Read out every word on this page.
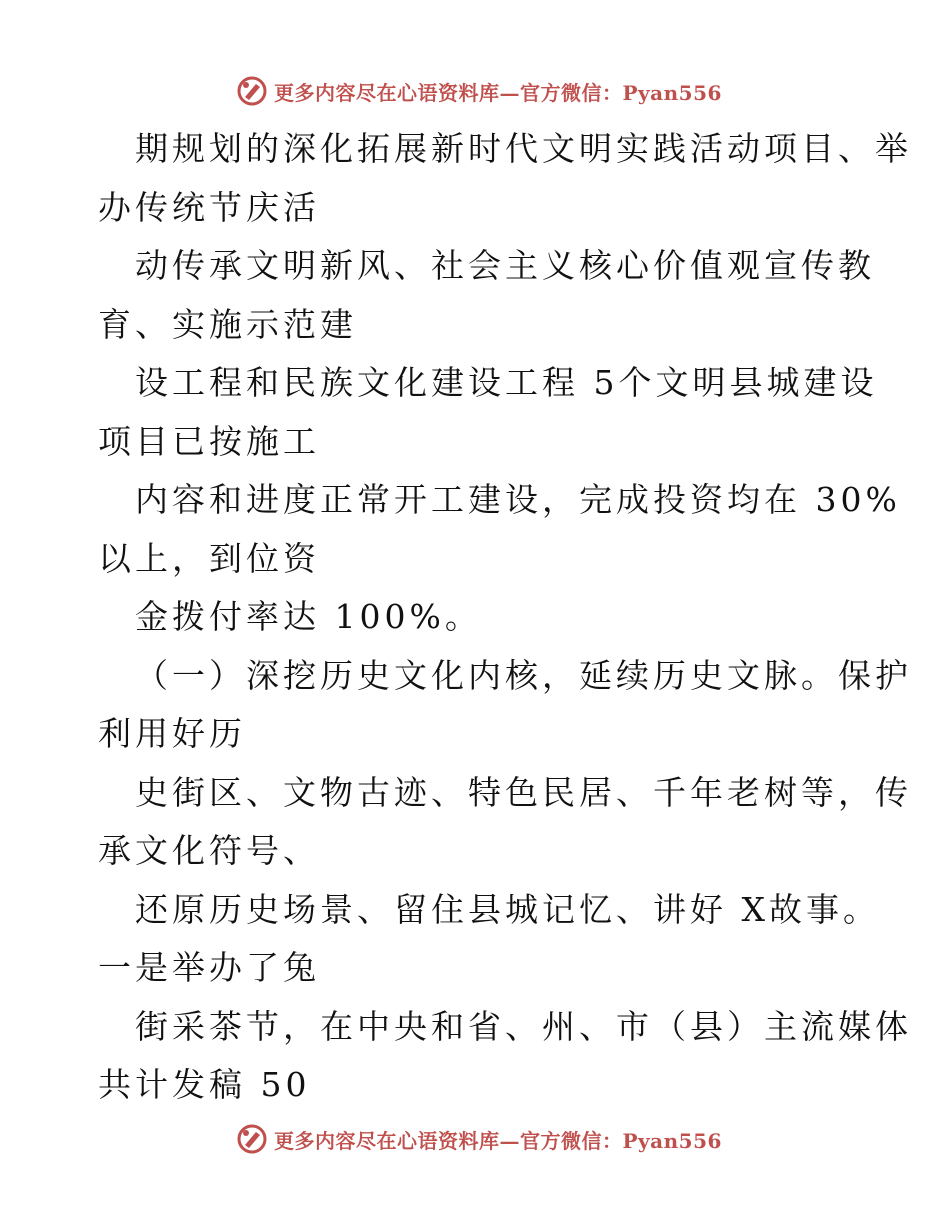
更多内容尽在心语资料库—官方微信：Pyan556
期规划的深化拓展新时代文明实践活动项目、举
办传统节庆活
动传承文明新风、社会主义核心价值观宣传教
育、实施示范建
设工程和民族文化建设工程 5个文明县城建设
项目已按施工
内容和进度正常开工建设，完成投资均在 30%
以上，到位资
金拨付率达 100%。
（一）深挖历史文化内核，延续历史文脉。保护
利用好历
史街区、文物古迹、特色民居、千年老树等，传
承文化符号、
还原历史场景、留住县城记忆、讲好 X故事。
一是举办了兔
街采茶节，在中央和省、州、市（县）主流媒体
共计发稿 50
更多内容尽在心语资料库—官方微信：Pyan556
